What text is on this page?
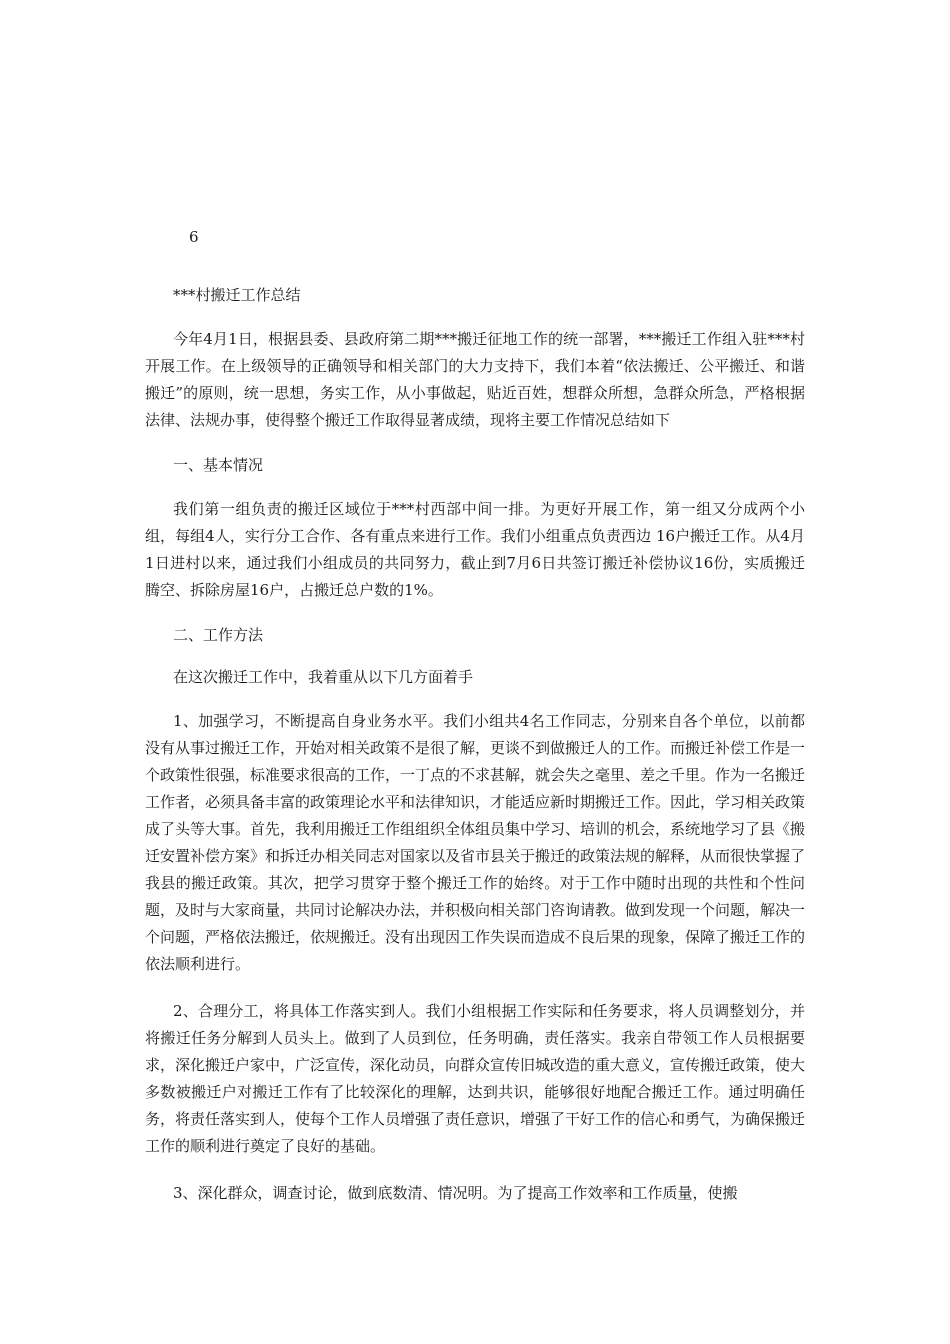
6
***村搬迁工作总结

今年4月1日，根据县委、县政府第二期***搬迁征地工作的统一部署，***搬迁工作组入驻***村开展工作。在上级领导的正确领导和相关部门的大力支持下，我们本着“依法搬迁、公平搬迁、和谐搬迁”的原则，统一思想，务实工作，从小事做起，贴近百姓，想群众所想，急群众所急，严格根据法律、法规办事，使得整个搬迁工作取得显著成绩，现将主要工作情况总结如下

一、基本情况

我们第一组负责的搬迁区域位于***村西部中间一排。为更好开展工作，第一组又分成两个小组，每组4人，实行分工合作、各有重点来进行工作。我们小组重点负责西边 16户搬迁工作。从4月1日进村以来，通过我们小组成员的共同努力，截止到7月6日共签订搬迁补偿协议16份，实质搬迁腾空、拆除房屋16户，占搬迁总户数的1%。

二、工作方法

在这次搬迁工作中，我着重从以下几方面着手

1、加强学习，不断提高自身业务水平。我们小组共4名工作同志，分别来自各个单位，以前都没有从事过搬迁工作，开始对相关政策不是很了解，更谈不到做搬迁人的工作。而搬迁补偿工作是一个政策性很强，标准要求很高的工作，一丁点的不求甚解，就会失之毫里、差之千里。作为一名搬迁工作者，必须具备丰富的政策理论水平和法律知识，才能适应新时期搬迁工作。因此，学习相关政策成了头等大事。首先，我利用搬迁工作组组织全体组员集中学习、培训的机会，系统地学习了县《搬迁安置补偿方案》和拆迁办相关同志对国家以及省市县关于搬迁的政策法规的解释，从而很快掌握了我县的搬迁政策。其次，把学习贯穿于整个搬迁工作的始终。对于工作中随时出现的共性和个性问题，及时与大家商量，共同讨论解决办法，并积极向相关部门咨询请教。做到发现一个问题，解决一个问题，严格依法搬迁，依规搬迁。没有出现因工作失误而造成不良后果的现象，保障了搬迁工作的依法顺利进行。

2、合理分工，将具体工作落实到人。我们小组根据工作实际和任务要求，将人员调整划分，并将搬迁任务分解到人员头上。做到了人员到位，任务明确，责任落实。我亲自带领工作人员根据要求，深化搬迁户家中，广泛宣传，深化动员，向群众宣传旧城改造的重大意义，宣传搬迁政策，使大多数被搬迁户对搬迁工作有了比较深化的理解，达到共识，能够很好地配合搬迁工作。通过明确任务，将责任落实到人，使每个工作人员增强了责任意识，增强了干好工作的信心和勇气，为确保搬迁工作的顺利进行奠定了良好的基础。

3、深化群众，调查讨论，做到底数清、情况明。为了提高工作效率和工作质量，使搬
